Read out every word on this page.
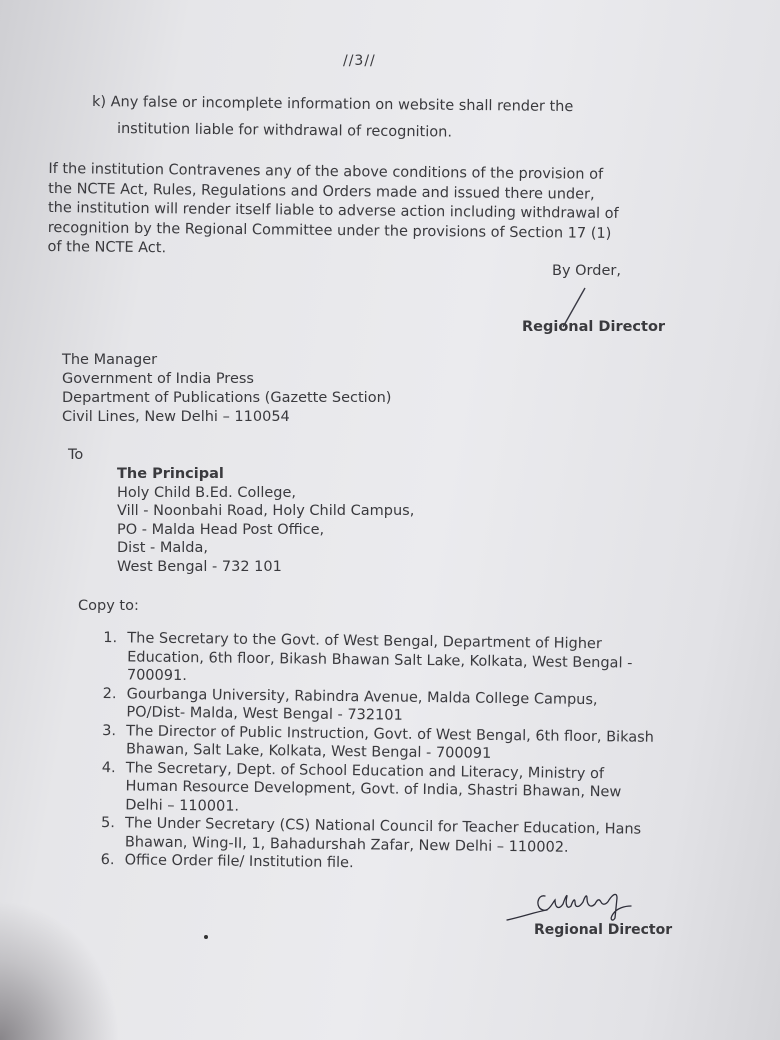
//3//
k) Any false or incomplete information on website shall render the
institution liable for withdrawal of recognition.
If the institution Contravenes any of the above conditions of the provision of
the NCTE Act, Rules, Regulations and Orders made and issued there under,
the institution will render itself liable to adverse action including withdrawal of
recognition by the Regional Committee under the provisions of Section 17 (1)
of the NCTE Act.
By Order,
Regional Director
The Manager
Government of India Press
Department of Publications (Gazette Section)
Civil Lines, New Delhi – 110054
To
The Principal
Holy Child B.Ed. College,
Vill - Noonbahi Road, Holy Child Campus,
PO - Malda Head Post Office,
Dist - Malda,
West Bengal - 732 101
Copy to:
1. The Secretary to the Govt. of West Bengal, Department of Higher
Education, 6th floor, Bikash Bhawan Salt Lake, Kolkata, West Bengal -
700091.
2. Gourbanga University, Rabindra Avenue, Malda College Campus,
PO/Dist- Malda, West Bengal - 732101
3. The Director of Public Instruction, Govt. of West Bengal, 6th floor, Bikash
Bhawan, Salt Lake, Kolkata, West Bengal - 700091
4. The Secretary, Dept. of School Education and Literacy, Ministry of
Human Resource Development, Govt. of India, Shastri Bhawan, New
Delhi – 110001.
5. The Under Secretary (CS) National Council for Teacher Education, Hans
Bhawan, Wing-II, 1, Bahadurshah Zafar, New Delhi – 110002.
6. Office Order file/ Institution file.
Regional Director
